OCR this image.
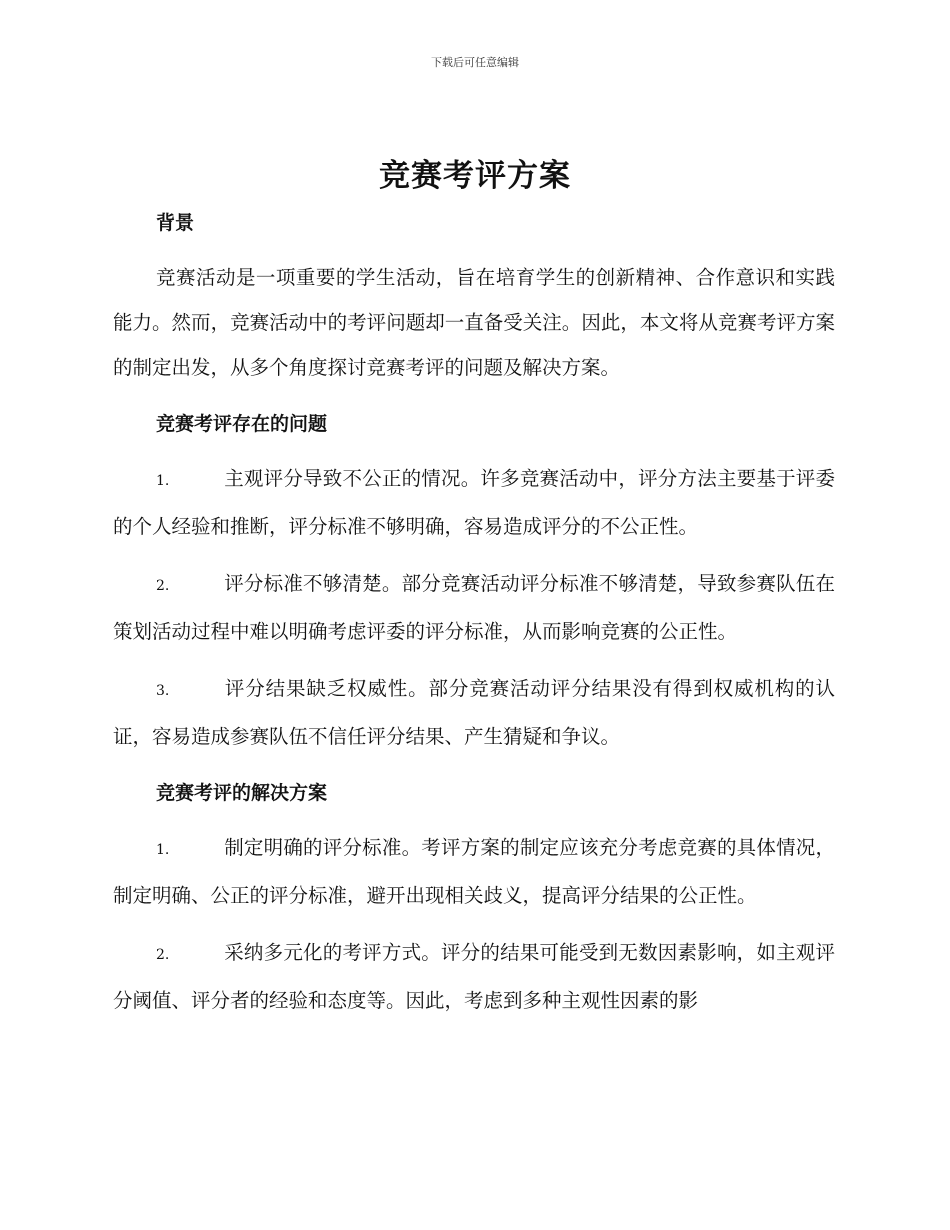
下载后可任意编辑
竞赛考评方案
背景

竞赛活动是一项重要的学生活动，旨在培育学生的创新精神、合作意识和实践能力。然而，竞赛活动中的考评问题却一直备受关注。因此，本文将从竞赛考评方案的制定出发，从多个角度探讨竞赛考评的问题及解决方案。

竞赛考评存在的问题

1.	主观评分导致不公正的情况。许多竞赛活动中，评分方法主要基于评委的个人经验和推断，评分标准不够明确，容易造成评分的不公正性。

2.	评分标准不够清楚。部分竞赛活动评分标准不够清楚，导致参赛队伍在策划活动过程中难以明确考虑评委的评分标准，从而影响竞赛的公正性。

3.	评分结果缺乏权威性。部分竞赛活动评分结果没有得到权威机构的认证，容易造成参赛队伍不信任评分结果、产生猜疑和争议。

竞赛考评的解决方案

1.	制定明确的评分标准。考评方案的制定应该充分考虑竞赛的具体情况，制定明确、公正的评分标准，避开出现相关歧义，提高评分结果的公正性。

2.	采纳多元化的考评方式。评分的结果可能受到无数因素影响，如主观评分阈值、评分者的经验和态度等。因此，考虑到多种主观性因素的影
